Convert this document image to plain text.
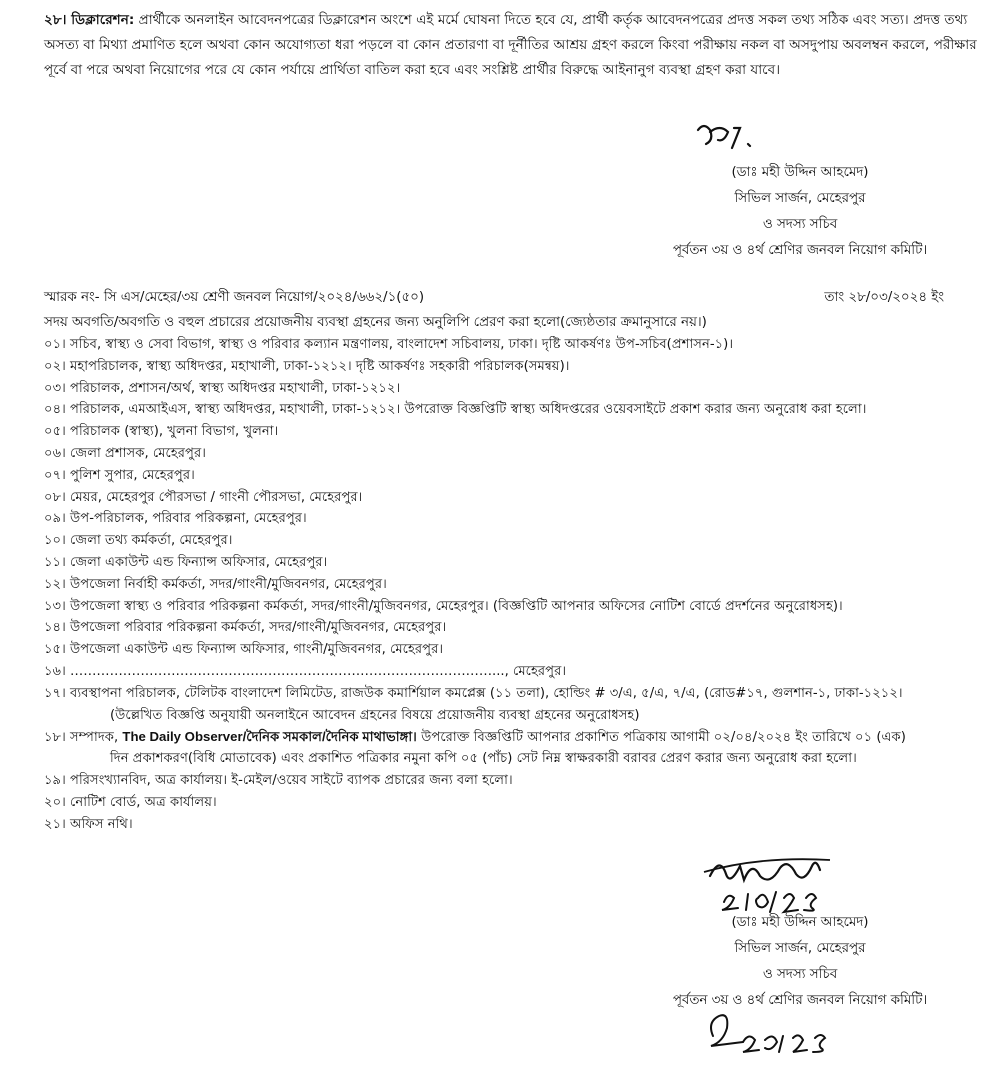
২৮। ডিক্লারেশন: প্রার্থীকে অনলাইন আবেদনপত্রের ডিক্লারেশন অংশে এই মর্মে ঘোষনা দিতে হবে যে, প্রার্থী কর্তৃক আবেদনপত্রের প্রদত্ত সকল তথ্য সঠিক এবং সত্য। প্রদত্ত তথ্য অসত্য বা মিথ্যা প্রমাণিত হলে অথবা কোন অযোগ্যতা ধরা পড়লে বা কোন প্রতারণা বা দূর্নীতির আশ্রয় গ্রহণ করলে কিংবা পরীক্ষায় নকল বা অসদুপায় অবলম্বন করলে, পরীক্ষার পূর্বে বা পরে অথবা নিয়োগের পরে যে কোন পর্যায়ে প্রার্থিতা বাতিল করা হবে এবং সংশ্লিষ্ট প্রার্থীর বিরুদ্ধে আইনানুগ ব্যবস্থা গ্রহণ করা যাবে।

(ডাঃ মহী উদ্দিন আহমেদ)
সিভিল সার্জন, মেহেরপুর
ও সদস্য সচিব
পূর্বতন ৩য় ও ৪র্থ শ্রেণির জনবল নিয়োগ কমিটি।
স্মারক নং- সি এস/মেহের/৩য় শ্রেণী জনবল নিয়োগ/২০২৪/৬৬২/১(৫০)	তাং ২৮/০৩/২০২৪ ইং
সদয় অবগতি/অবগতি ও বহুল প্রচারের প্রয়োজনীয় ব্যবস্থা গ্রহনের জন্য অনুলিপি প্রেরণ করা হলো(জ্যেষ্ঠতার ক্রমানুসারে নয়।)
০১। সচিব, স্বাস্থ্য ও সেবা বিভাগ, স্বাস্থ্য ও পরিবার কল্যান মন্ত্রণালয়, বাংলাদেশ সচিবালয়, ঢাকা। দৃষ্টি আকর্ষণঃ উপ-সচিব(প্রশাসন-১)।
০২। মহাপরিচালক, স্বাস্থ্য অধিদপ্তর, মহাখালী, ঢাকা-১২১২। দৃষ্টি আকর্ষণঃ সহকারী পরিচালক(সমন্বয়)।
০৩। পরিচালক, প্রশাসন/অর্থ, স্বাস্থ্য অধিদপ্তর মহাখালী, ঢাকা-১২১২।
০৪। পরিচালক, এমআইএস, স্বাস্থ্য অধিদপ্তর, মহাখালী, ঢাকা-১২১২। উপরোক্ত বিজ্ঞপ্তিটি স্বাস্থ্য অধিদপ্তরের ওয়েবসাইটে প্রকাশ করার জন্য অনুরোধ করা হলো।
০৫। পরিচালক (স্বাস্থ্য), খুলনা বিভাগ, খুলনা।
০৬। জেলা প্রশাসক, মেহেরপুর।
০৭। পুলিশ সুপার, মেহেরপুর।
০৮। মেয়র, মেহেরপুর পৌরসভা / গাংনী পৌরসভা, মেহেরপুর।
০৯। উপ-পরিচালক, পরিবার পরিকল্পনা, মেহেরপুর।
১০। জেলা তথ্য কর্মকর্তা, মেহেরপুর।
১১। জেলা একাউন্ট এন্ড ফিন্যান্স অফিসার, মেহেরপুর।
১২। উপজেলা নির্বাহী কর্মকর্তা, সদর/গাংনী/মুজিবনগর, মেহেরপুর।
১৩। উপজেলা স্বাস্থ্য ও পরিবার পরিকল্পনা কর্মকর্তা, সদর/গাংনী/মুজিবনগর, মেহেরপুর। (বিজ্ঞপ্তিটি আপনার অফিসের নোটিশ বোর্ডে প্রদর্শনের অনুরোধসহ)।
১৪। উপজেলা পরিবার পরিকল্পনা কর্মকর্তা, সদর/গাংনী/মুজিবনগর, মেহেরপুর।
১৫। উপজেলা একাউন্ট এন্ড ফিন্যান্স অফিসার, গাংনী/মুজিবনগর, মেহেরপুর।
১৬। ……………………………………………………………………………………..., মেহেরপুর।
১৭। ব্যবস্থাপনা পরিচালক, টেলিটক বাংলাদেশ লিমিটেড, রাজউক কমার্শিয়াল কমপ্লেক্স (১১ তলা), হোল্ডিং # ৩/এ, ৫/এ, ৭/এ, (রোড#১৭, গুলশান-১, ঢাকা-১২১২।
(উল্লেখিত বিজ্ঞপ্তি অনুযায়ী অনলাইনে আবেদন গ্রহনের বিষয়ে প্রয়োজনীয় ব্যবস্থা গ্রহনের অনুরোধসহ)
১৮। সম্পাদক, The Daily Observer/দৈনিক সমকাল/দৈনিক মাথাভাঙ্গা। উপরোক্ত বিজ্ঞপ্তিটি আপনার প্রকাশিত পত্রিকায় আগামী ০২/০৪/২০২৪ ইং তারিখে ০১ (এক)
দিন প্রকাশকরণ(বিধি মোতাবেক) এবং প্রকাশিত পত্রিকার নমুনা কপি ০৫ (পাঁচ) সেট নিম্ন স্বাক্ষরকারী বরাবর প্রেরণ করার জন্য অনুরোধ করা হলো।
১৯। পরিসংখ্যানবিদ, অত্র কার্যালয়। ই-মেইল/ওয়েব সাইটে ব্যাপক প্রচারের জন্য বলা হলো।
২০। নোটিশ বোর্ড, অত্র কার্যালয়।
২১। অফিস নথি।
(ডাঃ মহী উদ্দিন আহমেদ)
সিভিল সার্জন, মেহেরপুর
ও সদস্য সচিব
পূর্বতন ৩য় ও ৪র্থ শ্রেণির জনবল নিয়োগ কমিটি।
